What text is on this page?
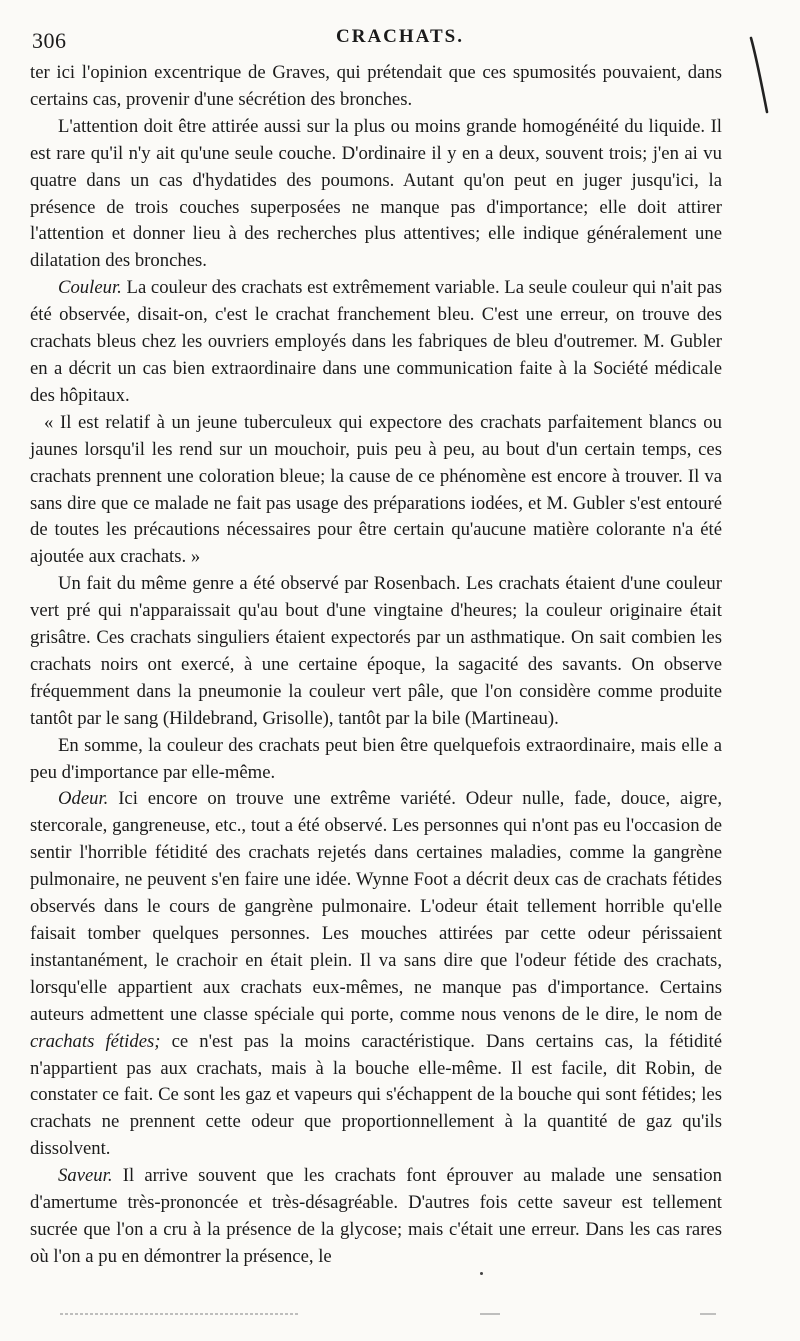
306	CRACHATS.

ter ici l'opinion excentrique de Graves, qui prétendait que ces spumosités pouvaient, dans certains cas, provenir d'une sécrétion des bronches.

L'attention doit être attirée aussi sur la plus ou moins grande homogénéité du liquide. Il est rare qu'il n'y ait qu'une seule couche. D'ordinaire il y en a deux, souvent trois; j'en ai vu quatre dans un cas d'hydatides des poumons. Autant qu'on peut en juger jusqu'ici, la présence de trois couches superposées ne manque pas d'importance; elle doit attirer l'attention et donner lieu à des recherches plus attentives; elle indique généralement une dilatation des bronches.

Couleur. La couleur des crachats est extrêmement variable. La seule couleur qui n'ait pas été observée, disait-on, c'est le crachat franchement bleu. C'est une erreur, on trouve des crachats bleus chez les ouvriers employés dans les fabriques de bleu d'outremer. M. Gubler en a décrit un cas bien extraordinaire dans une communication faite à la Société médicale des hôpitaux.

« Il est relatif à un jeune tuberculeux qui expectore des crachats parfaitement blancs ou jaunes lorsqu'il les rend sur un mouchoir, puis peu à peu, au bout d'un certain temps, ces crachats prennent une coloration bleue; la cause de ce phénomène est encore à trouver. Il va sans dire que ce malade ne fait pas usage des préparations iodées, et M. Gubler s'est entouré de toutes les précautions nécessaires pour être certain qu'aucune matière colorante n'a été ajoutée aux crachats. »

Un fait du même genre a été observé par Rosenbach. Les crachats étaient d'une couleur vert pré qui n'apparaissait qu'au bout d'une vingtaine d'heures; la couleur originaire était grisâtre. Ces crachats singuliers étaient expectorés par un asthmatique. On sait combien les crachats noirs ont exercé, à une certaine époque, la sagacité des savants. On observe fréquemment dans la pneumonie la couleur vert pâle, que l'on considère comme produite tantôt par le sang (Hildebrand, Grisolle), tantôt par la bile (Martineau).

En somme, la couleur des crachats peut bien être quelquefois extraordinaire, mais elle a peu d'importance par elle-même.

Odeur. Ici encore on trouve une extrême variété. Odeur nulle, fade, douce, aigre, stercorale, gangreneuse, etc., tout a été observé. Les personnes qui n'ont pas eu l'occasion de sentir l'horrible fétidité des crachats rejetés dans certaines maladies, comme la gangrène pulmonaire, ne peuvent s'en faire une idée. Wynne Foot a décrit deux cas de crachats fétides observés dans le cours de gangrène pulmonaire. L'odeur était tellement horrible qu'elle faisait tomber quelques personnes. Les mouches attirées par cette odeur périssaient instantanément, le crachoir en était plein. Il va sans dire que l'odeur fétide des crachats, lorsqu'elle appartient aux crachats eux-mêmes, ne manque pas d'importance. Certains auteurs admettent une classe spéciale qui porte, comme nous venons de le dire, le nom de crachats fétides; ce n'est pas la moins caractéristique. Dans certains cas, la fétidité n'appartient pas aux crachats, mais à la bouche elle-même. Il est facile, dit Robin, de constater ce fait. Ce sont les gaz et vapeurs qui s'échappent de la bouche qui sont fétides; les crachats ne prennent cette odeur que proportionnellement à la quantité de gaz qu'ils dissolvent.

Saveur. Il arrive souvent que les crachats font éprouver au malade une sensation d'amertume très-prononcée et très-désagréable. D'autres fois cette saveur est tellement sucrée que l'on a cru à la présence de la glycose; mais c'était une erreur. Dans les cas rares où l'on a pu en démontrer la présence, le
